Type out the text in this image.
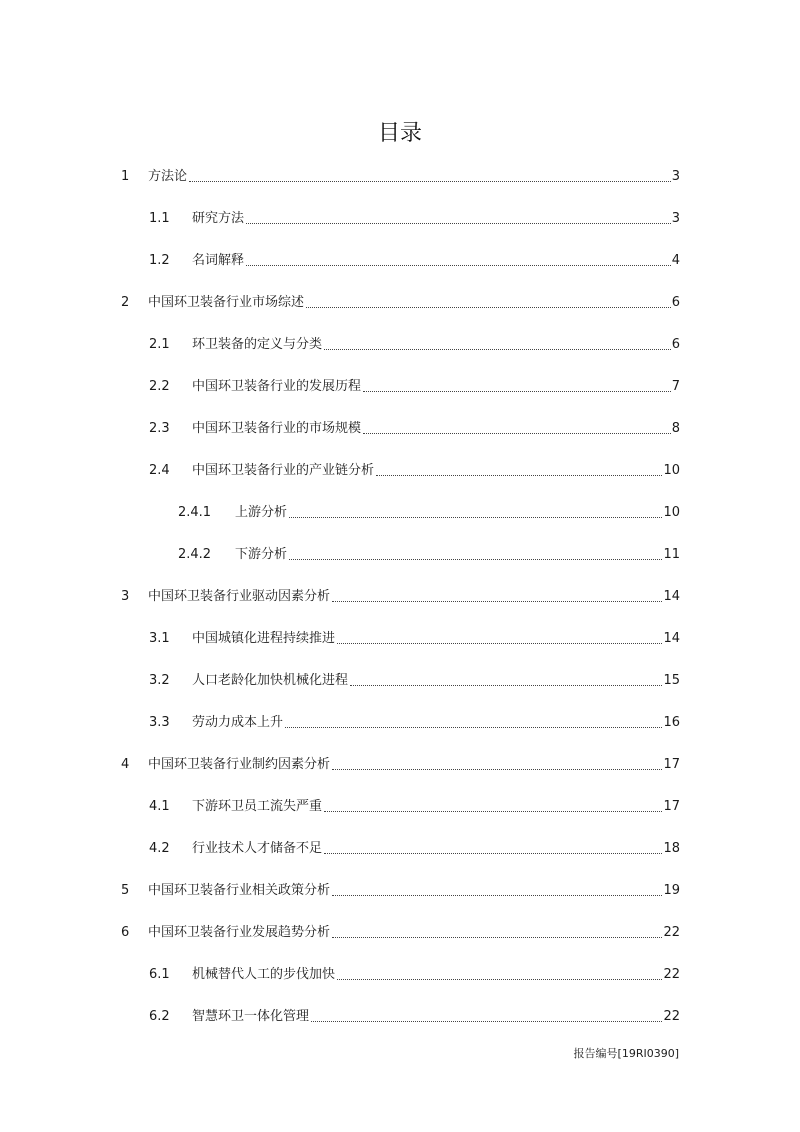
目录
1	方法论	3
1.1	研究方法	3
1.2	名词解释	4
2	中国环卫装备行业市场综述	6
2.1	环卫装备的定义与分类	6
2.2	中国环卫装备行业的发展历程	7
2.3	中国环卫装备行业的市场规模	8
2.4	中国环卫装备行业的产业链分析	10
2.4.1	上游分析	10
2.4.2	下游分析	11
3	中国环卫装备行业驱动因素分析	14
3.1	中国城镇化进程持续推进	14
3.2	人口老龄化加快机械化进程	15
3.3	劳动力成本上升	16
4	中国环卫装备行业制约因素分析	17
4.1	下游环卫员工流失严重	17
4.2	行业技术人才储备不足	18
5	中国环卫装备行业相关政策分析	19
6	中国环卫装备行业发展趋势分析	22
6.1	机械替代人工的步伐加快	22
6.2	智慧环卫一体化管理	22
报告编号[19RI0390]
